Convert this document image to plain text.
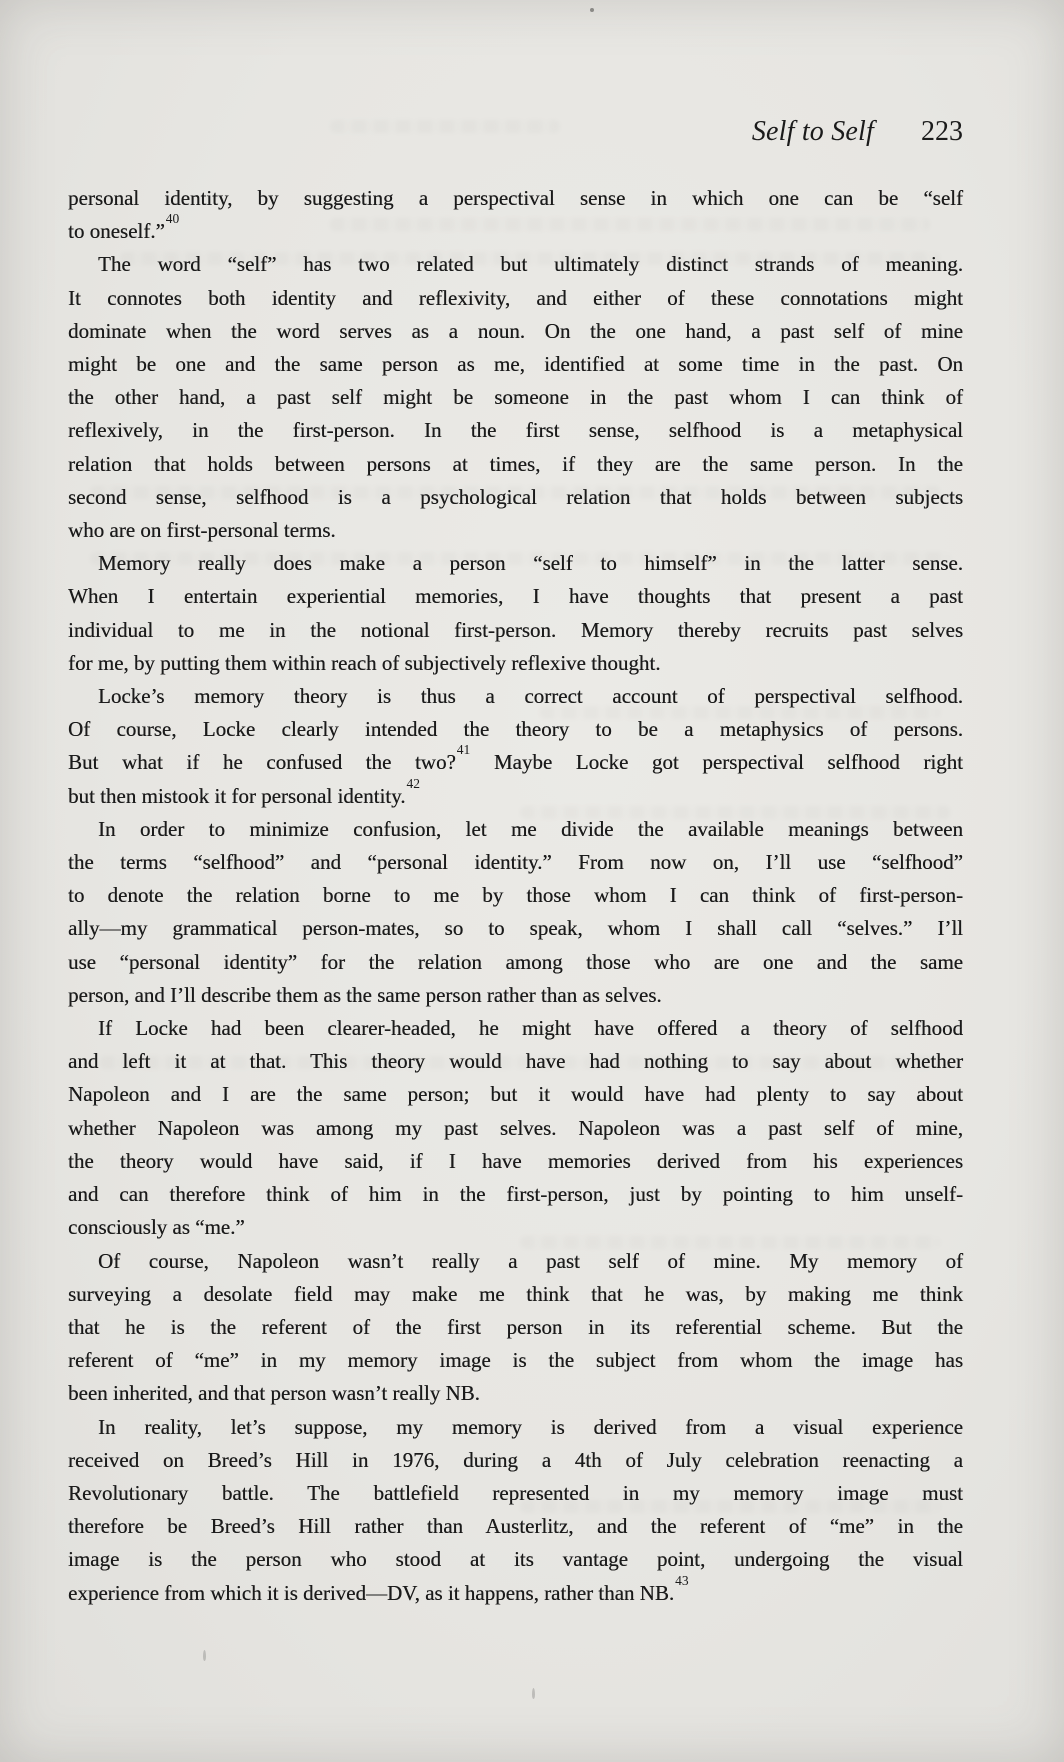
Self to Self 223
personal identity, by suggesting a perspectival sense in which one can be “self
to oneself.”$^{40}$
The word “self” has two related but ultimately distinct strands of meaning.
It connotes both identity and reflexivity, and either of these connotations might
dominate when the word serves as a noun. On the one hand, a past self of mine
might be one and the same person as me, identified at some time in the past. On
the other hand, a past self might be someone in the past whom I can think of
reflexively, in the first-person. In the first sense, selfhood is a metaphysical
relation that holds between persons at times, if they are the same person. In the
second sense, selfhood is a psychological relation that holds between subjects
who are on first-personal terms.
Memory really does make a person “self to himself” in the latter sense.
When I entertain experiential memories, I have thoughts that present a past
individual to me in the notional first-person. Memory thereby recruits past selves
for me, by putting them within reach of subjectively reflexive thought.
Locke’s memory theory is thus a correct account of perspectival selfhood.
Of course, Locke clearly intended the theory to be a metaphysics of persons.
But what if he confused the two?$^{41}$ Maybe Locke got perspectival selfhood right
but then mistook it for personal identity.$^{42}$
In order to minimize confusion, let me divide the available meanings between
the terms “selfhood” and “personal identity.” From now on, I’ll use “selfhood”
to denote the relation borne to me by those whom I can think of first-person-
ally—my grammatical person-mates, so to speak, whom I shall call “selves.” I’ll
use “personal identity” for the relation among those who are one and the same
person, and I’ll describe them as the same person rather than as selves.
If Locke had been clearer-headed, he might have offered a theory of selfhood
and left it at that. This theory would have had nothing to say about whether
Napoleon and I are the same person; but it would have had plenty to say about
whether Napoleon was among my past selves. Napoleon was a past self of mine,
the theory would have said, if I have memories derived from his experiences
and can therefore think of him in the first-person, just by pointing to him unself-
consciously as “me.”
Of course, Napoleon wasn’t really a past self of mine. My memory of
surveying a desolate field may make me think that he was, by making me think
that he is the referent of the first person in its referential scheme. But the
referent of “me” in my memory image is the subject from whom the image has
been inherited, and that person wasn’t really NB.
In reality, let’s suppose, my memory is derived from a visual experience
received on Breed’s Hill in 1976, during a 4th of July celebration reenacting a
Revolutionary battle. The battlefield represented in my memory image must
therefore be Breed’s Hill rather than Austerlitz, and the referent of “me” in the
image is the person who stood at its vantage point, undergoing the visual
experience from which it is derived—DV, as it happens, rather than NB.$^{43}$
